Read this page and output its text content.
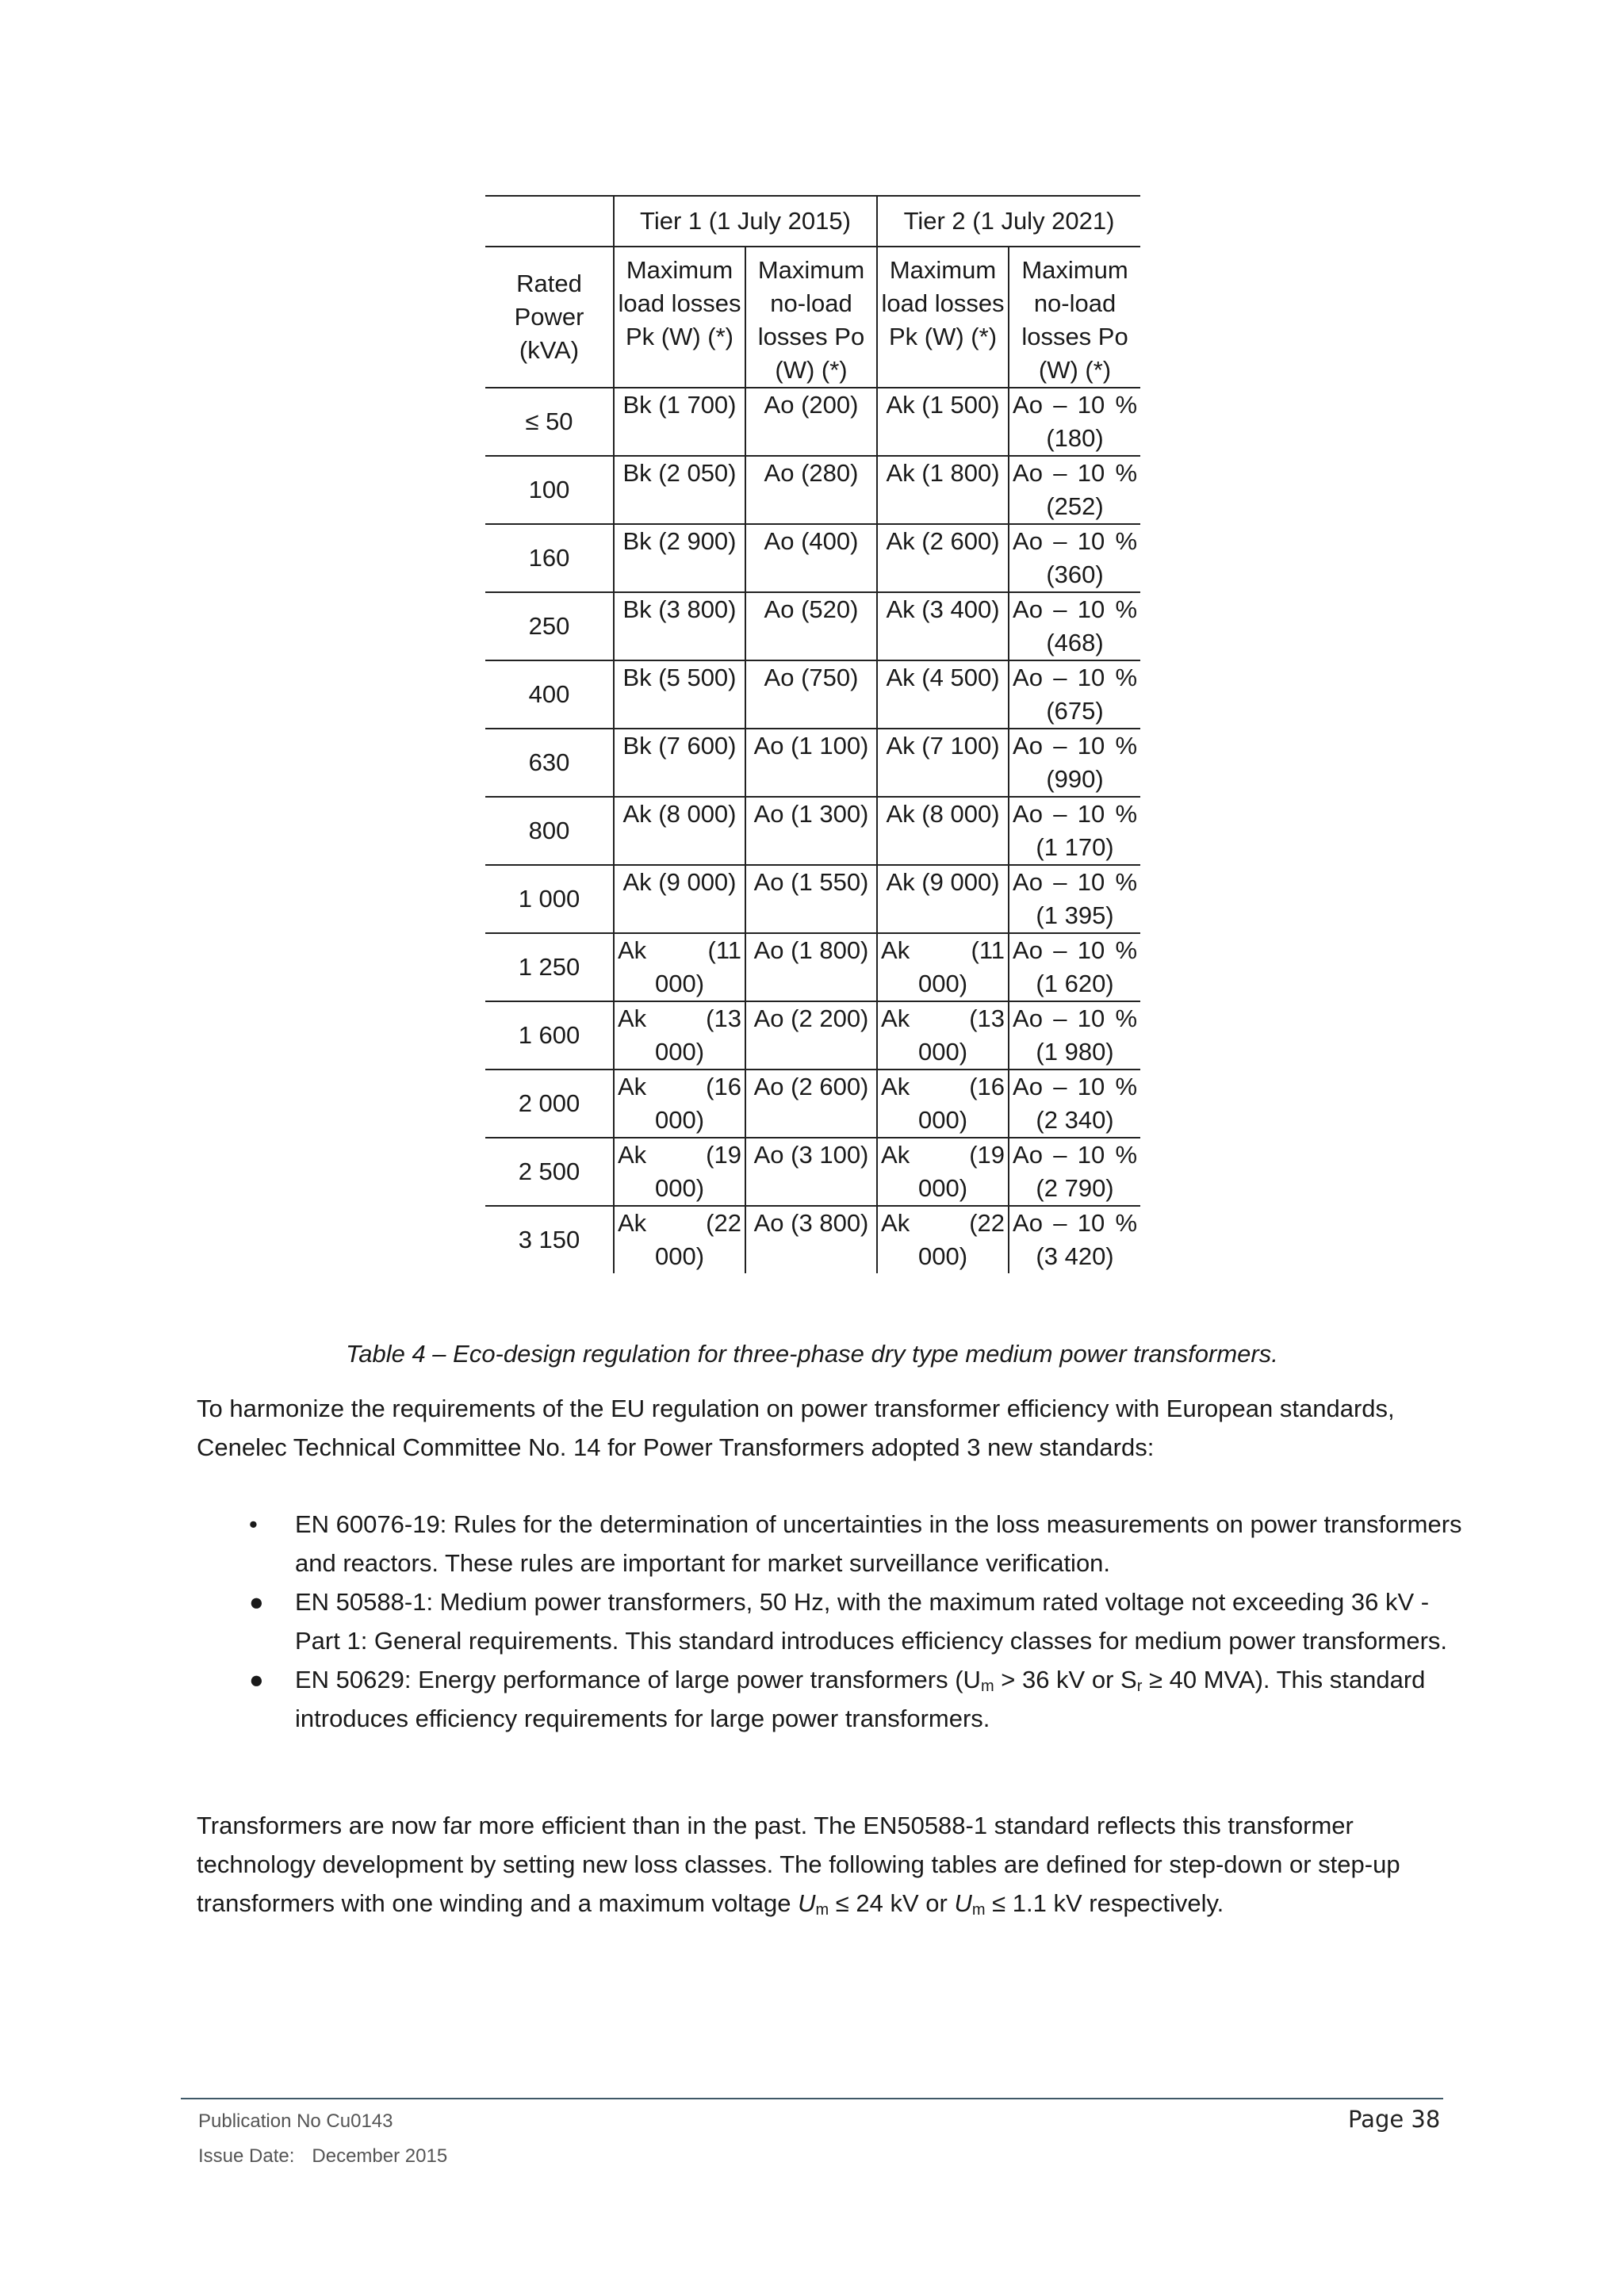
	Tier 1 (1 July 2015)		Tier 2 (1 July 2021)	
Rated Power (kVA)	Maximum load losses Pk (W) (*)	Maximum no-load losses Po (W) (*)	Maximum load losses Pk (W) (*)	Maximum no-load losses Po (W) (*)
≤ 50	Bk (1 700)	Ao (200)	Ak (1 500)	Ao – 10 % (180)
100	Bk (2 050)	Ao (280)	Ak (1 800)	Ao – 10 % (252)
160	Bk (2 900)	Ao (400)	Ak (2 600)	Ao – 10 % (360)
250	Bk (3 800)	Ao (520)	Ak (3 400)	Ao – 10 % (468)
400	Bk (5 500)	Ao (750)	Ak (4 500)	Ao – 10 % (675)
630	Bk (7 600)	Ao (1 100)	Ak (7 100)	Ao – 10 % (990)
800	Ak (8 000)	Ao (1 300)	Ak (8 000)	Ao – 10 % (1 170)
1 000	Ak (9 000)	Ao (1 550)	Ak (9 000)	Ao – 10 % (1 395)
1 250	Ak (11 000)	Ao (1 800)	Ak (11 000)	Ao – 10 % (1 620)
1 600	Ak (13 000)	Ao (2 200)	Ak (13 000)	Ao – 10 % (1 980)
2 000	Ak (16 000)	Ao (2 600)	Ak (16 000)	Ao – 10 % (2 340)
2 500	Ak (19 000)	Ao (3 100)	Ak (19 000)	Ao – 10 % (2 790)
3 150	Ak (22 000)	Ao (3 800)	Ak (22 000)	Ao – 10 % (3 420)
Table 4 – Eco-design regulation for three-phase dry type medium power transformers.

To harmonize the requirements of the EU regulation on power transformer efficiency with European standards, Cenelec Technical Committee No. 14 for Power Transformers adopted 3 new standards:

• EN 60076-19: Rules for the determination of uncertainties in the loss measurements on power transformers and reactors. These rules are important for market surveillance verification.
● EN 50588-1: Medium power transformers, 50 Hz, with the maximum rated voltage not exceeding 36 kV - Part 1: General requirements. This standard introduces efficiency classes for medium power transformers.
● EN 50629: Energy performance of large power transformers ($U_m > 36$ kV or $S_r \ge 40$ MVA). This standard introduces efficiency requirements for large power transformers.

Transformers are now far more efficient than in the past. The EN50588-1 standard reflects this transformer technology development by setting new loss classes. The following tables are defined for step-down or step-up transformers with one winding and a maximum voltage $U_m \le 24$ kV or $U_m \le 1.1$ kV respectively.

Publication No Cu0143
Issue Date: December 2015
Page 38
